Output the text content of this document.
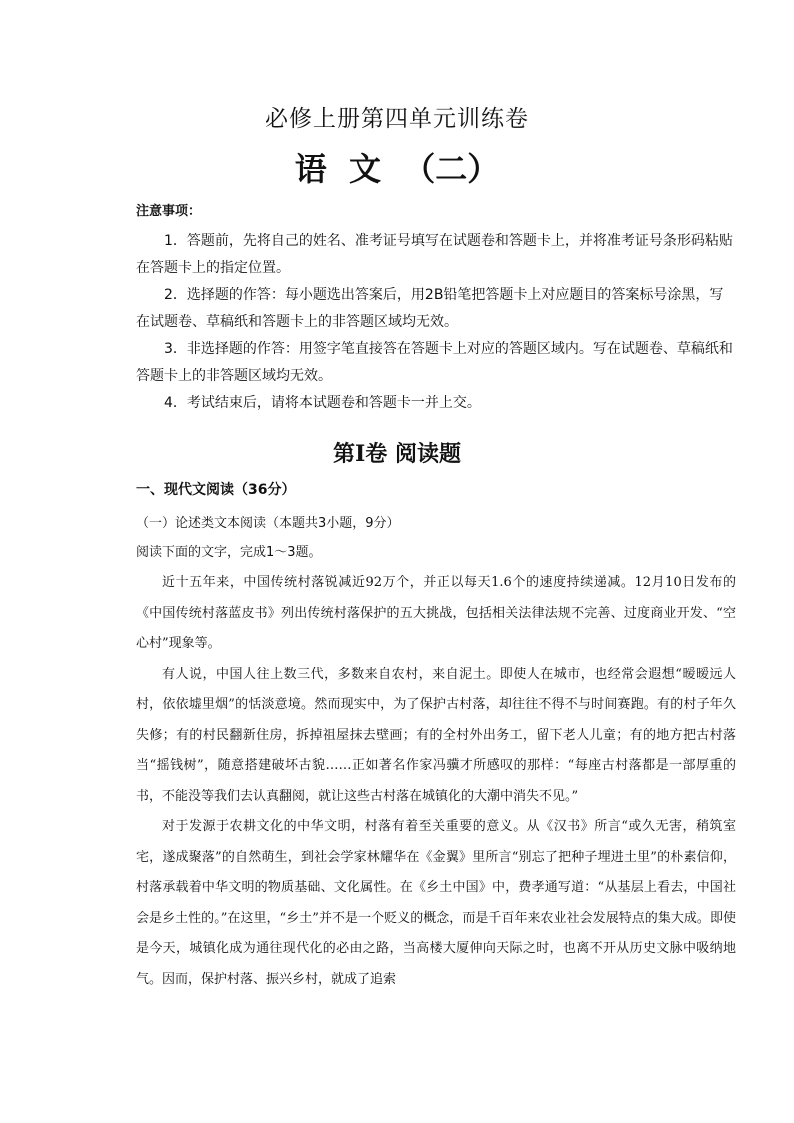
必修上册第四单元训练卷
语  文  （二）
注意事项：

1．答题前，先将自己的姓名、准考证号填写在试题卷和答题卡上，并将准考证号条形码粘贴在答题卡上的指定位置。

2．选择题的作答：每小题选出答案后，用2B铅笔把答题卡上对应题目的答案标号涂黑，写在试题卷、草稿纸和答题卡上的非答题区域均无效。

3．非选择题的作答：用签字笔直接答在答题卡上对应的答题区域内。写在试题卷、草稿纸和答题卡上的非答题区域均无效。

4．考试结束后，请将本试题卷和答题卡一并上交。

第Ⅰ卷 阅读题
一、现代文阅读（36分）
（一）论述类文本阅读（本题共3小题，9分）
阅读下面的文字，完成1～3题。

近十五年来，中国传统村落锐减近92万个，并正以每天1.6个的速度持续递减。12月10日发布的《中国传统村落蓝皮书》列出传统村落保护的五大挑战，包括相关法律法规不完善、过度商业开发、“空心村”现象等。

有人说，中国人往上数三代，多数来自农村，来自泥土。即使人在城市，也经常会遐想“暧暧远人村，依依墟里烟”的恬淡意境。然而现实中，为了保护古村落，却往往不得不与时间赛跑。有的村子年久失修；有的村民翻新住房，拆掉祖屋抹去壁画；有的全村外出务工，留下老人儿童；有的地方把古村落当“摇钱树”，随意搭建破坏古貌……正如著名作家冯骥才所感叹的那样：“每座古村落都是一部厚重的书，不能没等我们去认真翻阅，就让这些古村落在城镇化的大潮中消失不见。”

对于发源于农耕文化的中华文明，村落有着至关重要的意义。从《汉书》所言“或久无害，稍筑室宅，遂成聚落”的自然萌生，到社会学家林耀华在《金翼》里所言“别忘了把种子埋进土里”的朴素信仰，村落承载着中华文明的物质基础、文化属性。在《乡土中国》中，费孝通写道：“从基层上看去，中国社会是乡土性的。”在这里，“乡土”并不是一个贬义的概念，而是千百年来农业社会发展特点的集大成。即使是今天，城镇化成为通往现代化的必由之路，当高楼大厦伸向天际之时，也离不开从历史文脉中吸纳地气。因而，保护村落、振兴乡村，就成了追索
